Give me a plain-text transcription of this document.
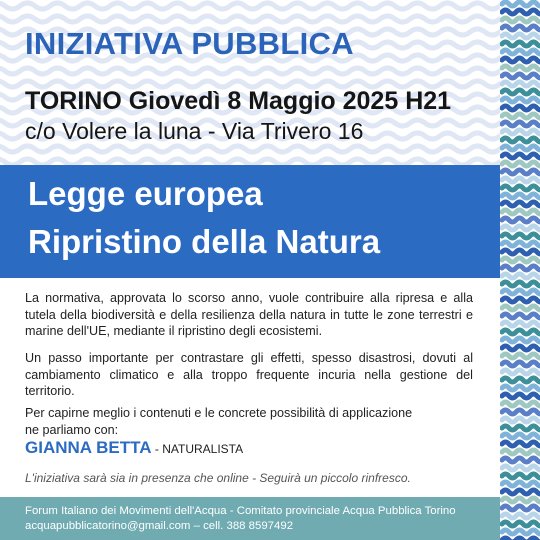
INIZIATIVA PUBBLICA

TORINO Giovedì 8 Maggio 2025 H21

c/o Volere la luna - Via Trivero 16

Legge europea

Ripristino della Natura

La normativa, approvata lo scorso anno, vuole contribuire alla ripresa e alla tutela della biodiversità e della resilienza della natura in tutte le zone terrestri e marine dell'UE, mediante il ripristino degli ecosistemi.

Un passo importante per contrastare gli effetti, spesso disastrosi, dovuti al cambiamento climatico e alla troppo frequente incuria nella gestione del territorio.

Per capirne meglio i contenuti e le concrete possibilità di applicazione
ne parliamo con:

GIANNA BETTA - NATURALISTA

L'iniziativa sarà sia in presenza che online - Seguirà un piccolo rinfresco.

Forum Italiano dei Movimenti dell'Acqua - Comitato provinciale Acqua Pubblica Torino

acquapubblicatorino@gmail.com – cell. 388 8597492
